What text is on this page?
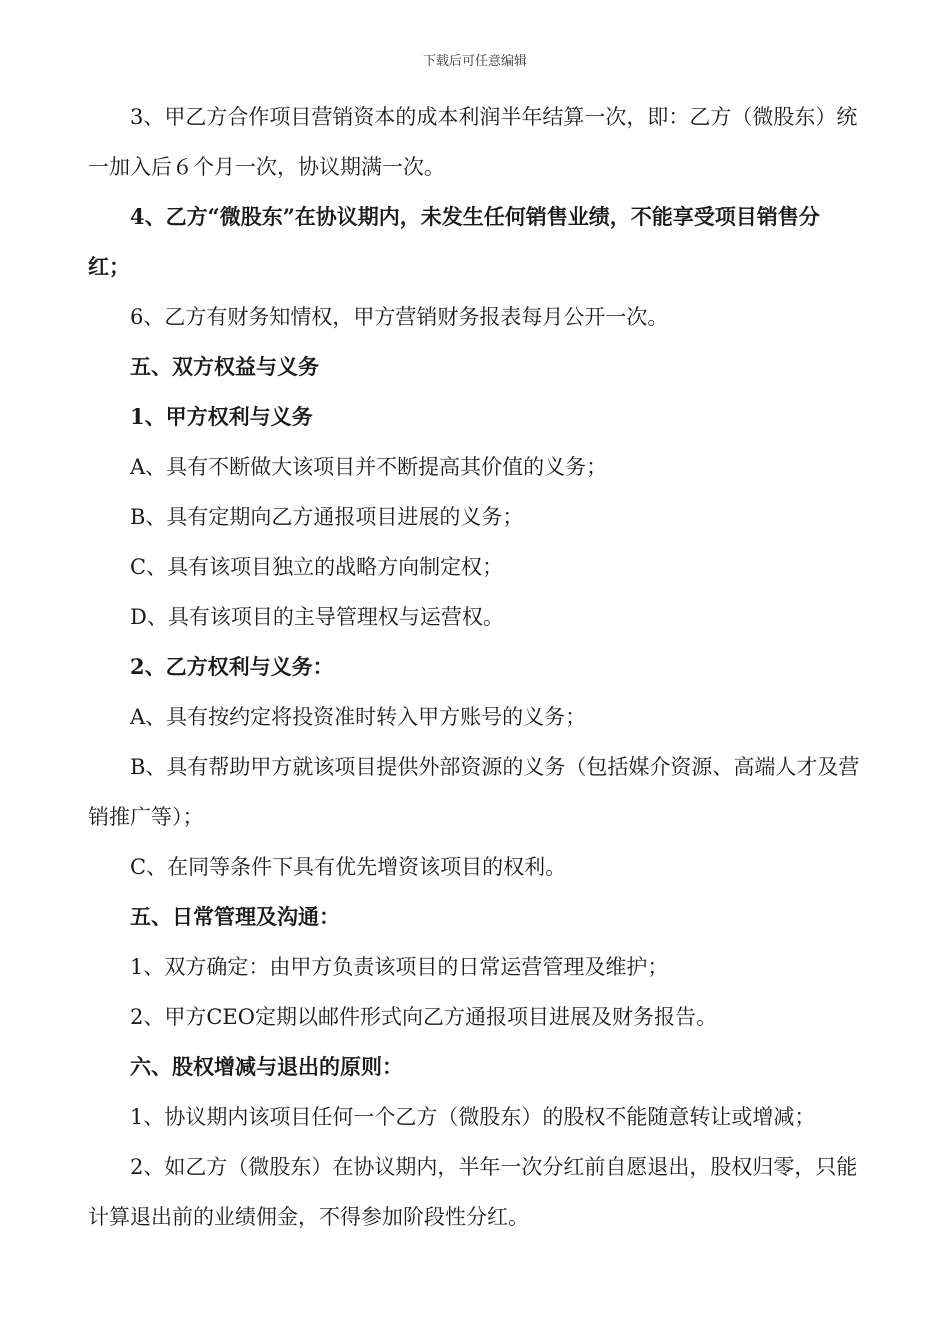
下载后可任意编辑

3、甲乙方合作项目营销资本的成本利润半年结算一次，即：乙方（微股东）统一加入后６个月一次，协议期满一次。

4、乙方“微股东”在协议期内，未发生任何销售业绩，不能享受项目销售分红；

6、乙方有财务知情权，甲方营销财务报表每月公开一次。

五、双方权益与义务

1、甲方权利与义务

A、具有不断做大该项目并不断提高其价值的义务；

B、具有定期向乙方通报项目进展的义务；

C、具有该项目独立的战略方向制定权；

D、具有该项目的主导管理权与运营权。

2、乙方权利与义务：

A、具有按约定将投资准时转入甲方账号的义务；

B、具有帮助甲方就该项目提供外部资源的义务（包括媒介资源、高端人才及营销推广等）；

C、在同等条件下具有优先增资该项目的权利。

五、日常管理及沟通：

1、双方确定：由甲方负责该项目的日常运营管理及维护；

2、甲方CEO定期以邮件形式向乙方通报项目进展及财务报告。

六、股权增减与退出的原则：

1、协议期内该项目任何一个乙方（微股东）的股权不能随意转让或增减；

2、如乙方（微股东）在协议期内，半年一次分红前自愿退出，股权归零，只能计算退出前的业绩佣金，不得参加阶段性分红。
